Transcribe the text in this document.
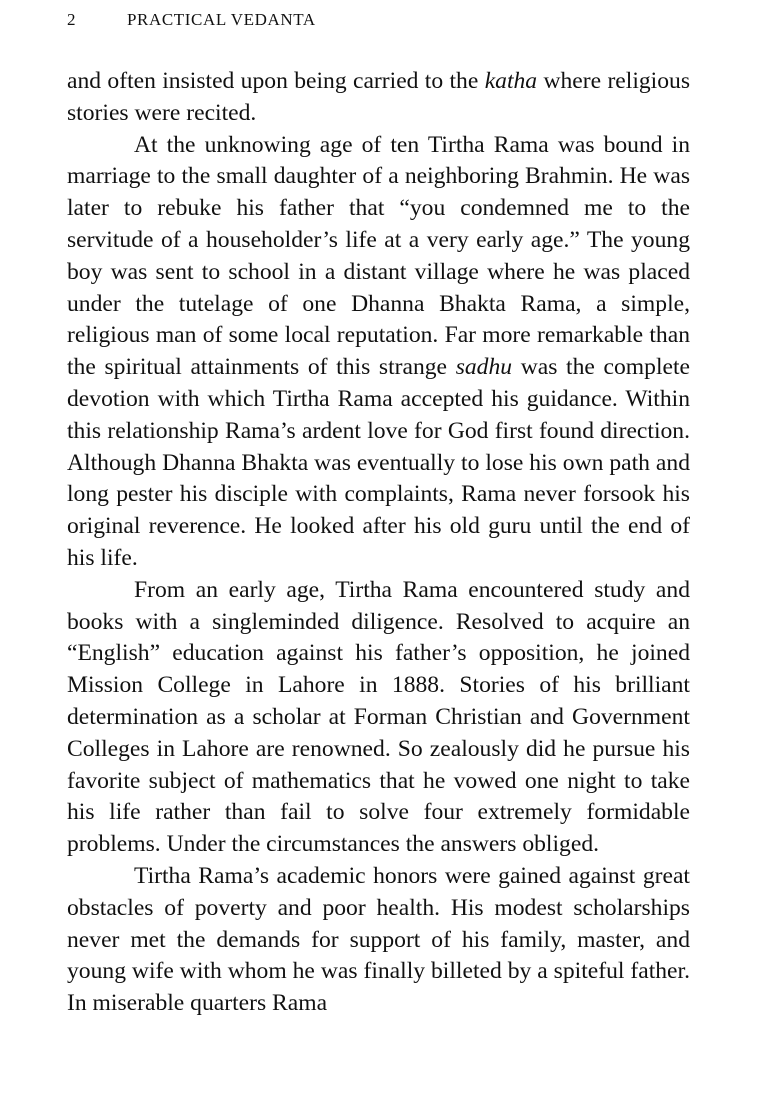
2	PRACTICAL VEDANTA

and often insisted upon being carried to the katha where religious stories were recited.

At the unknowing age of ten Tirtha Rama was bound in marriage to the small daughter of a neighboring Brahmin. He was later to rebuke his father that “you condemned me to the servitude of a householder’s life at a very early age.” The young boy was sent to school in a distant village where he was placed under the tutelage of one Dhanna Bhakta Rama, a simple, religious man of some local reputation. Far more remarkable than the spiritual attainments of this strange sadhu was the complete devotion with which Tirtha Rama accepted his guidance. Within this relationship Rama’s ardent love for God first found direction. Although Dhanna Bhakta was eventually to lose his own path and long pester his disciple with complaints, Rama never forsook his original reverence. He looked after his old guru until the end of his life.

From an early age, Tirtha Rama encountered study and books with a singleminded diligence. Resolved to acquire an “English” education against his father’s opposition, he joined Mission College in Lahore in 1888. Stories of his brilliant determination as a scholar at Forman Christian and Government Colleges in Lahore are renowned. So zealously did he pursue his favorite subject of mathematics that he vowed one night to take his life rather than fail to solve four extremely formidable problems. Under the circumstances the answers obliged.

Tirtha Rama’s academic honors were gained against great obstacles of poverty and poor health. His modest scholarships never met the demands for support of his family, master, and young wife with whom he was finally billeted by a spiteful father. In miserable quarters Rama
